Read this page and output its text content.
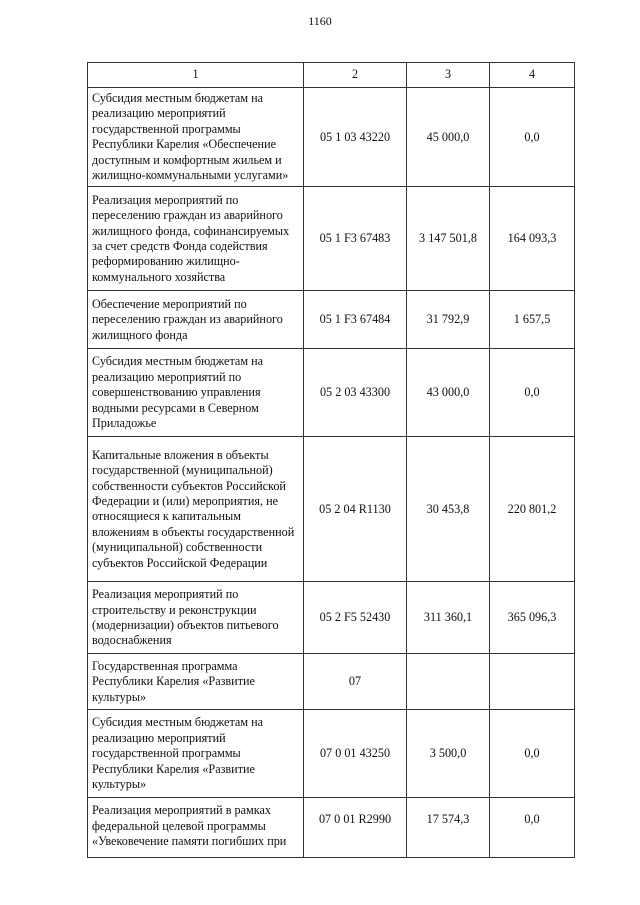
1160
1	2	3	4
Субсидия местным бюджетам на реализацию мероприятий государственной программы Республики Карелия «Обеспечение доступным и комфортным жильем и жилищно-коммунальными услугами»	05 1 03 43220	45 000,0	0,0
Реализация мероприятий по переселению граждан из аварийного жилищного фонда, софинансируемых за счет средств Фонда содействия реформированию жилищно-коммунального хозяйства	05 1 F3 67483	3 147 501,8	164 093,3
Обеспечение мероприятий по переселению граждан из аварийного жилищного фонда	05 1 F3 67484	31 792,9	1 657,5
Субсидия местным бюджетам на реализацию мероприятий по совершенствованию управления водными ресурсами в Северном Приладожье	05 2 03 43300	43 000,0	0,0
Капитальные вложения в объекты государственной (муниципальной) собственности субъектов Российской Федерации и (или) мероприятия, не относящиеся к капитальным вложениям в объекты государственной (муниципальной) собственности субъектов Российской Федерации	05 2 04 R1130	30 453,8	220 801,2
Реализация мероприятий по строительству и реконструкции (модернизации) объектов питьевого водоснабжения	05 2 F5 52430	311 360,1	365 096,3
Государственная программа Республики Карелия «Развитие культуры»	07		
Субсидия местным бюджетам на реализацию мероприятий государственной программы Республики Карелия «Развитие культуры»	07 0 01 43250	3 500,0	0,0
Реализация мероприятий в рамках федеральной целевой программы «Увековечение памяти погибших при	07 0 01 R2990	17 574,3	0,0
